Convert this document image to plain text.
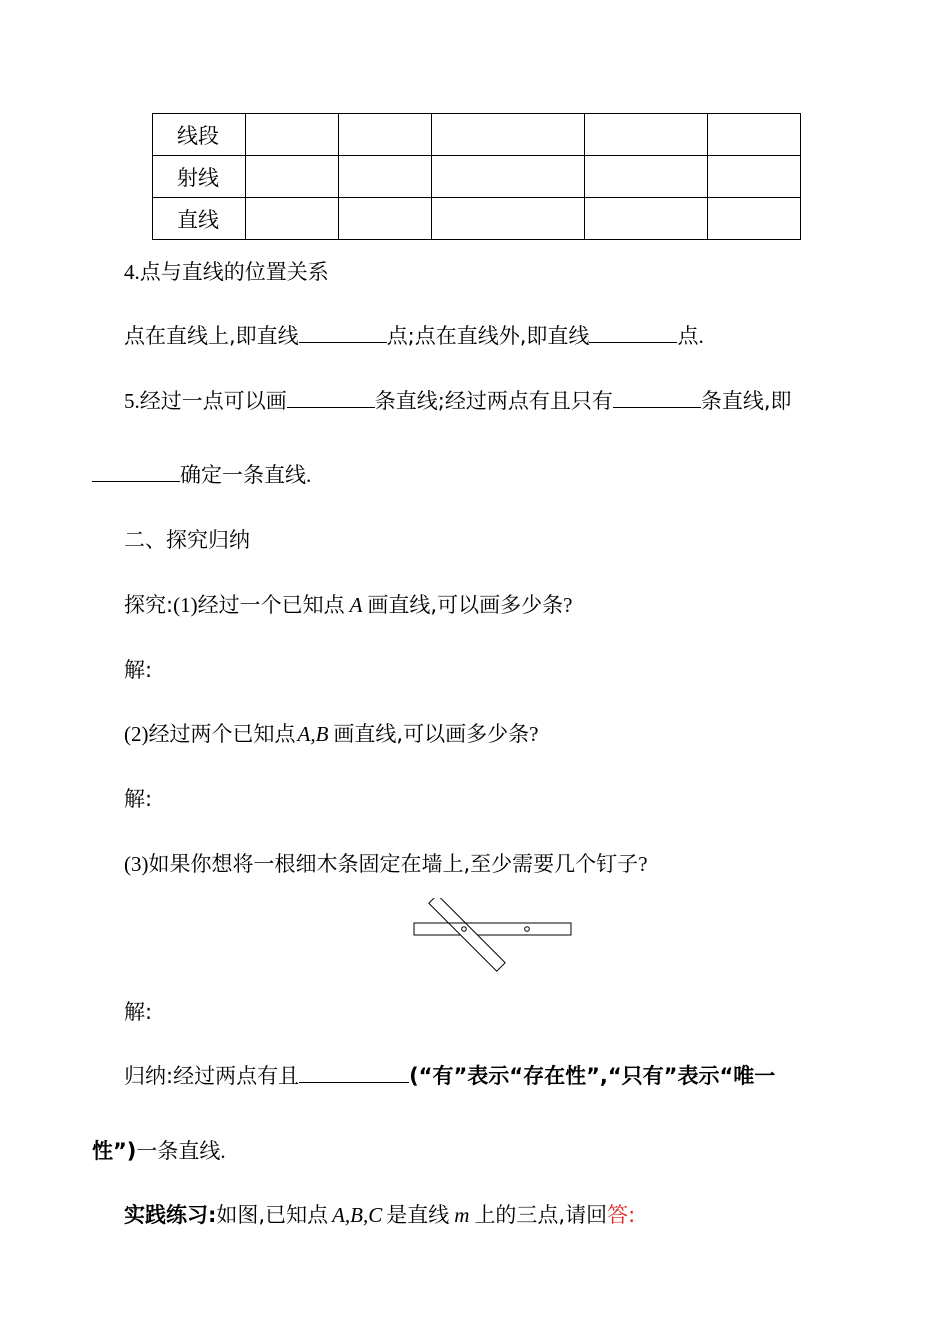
线段					
射线					
直线					
4.点与直线的位置关系
点在直线上,即直线	点;点在直线外,即直线	点.
5.经过一点可以画	条直线;经过两点有且只有	条直线,即
确定一条直线.
二、探究归纳
探究:(1)经过一个已知点 A 画直线,可以画多少条?
解:
(2)经过两个已知点A,B 画直线,可以画多少条?
解:
(3)如果你想将一根细木条固定在墙上,至少需要几个钉子?
解:
归纳:经过两点有且	(“有”表示“存在性”,“只有”表示“唯一
性”)一条直线.
实践练习:如图,已知点 A,B,C 是直线 m 上的三点,请回答:
